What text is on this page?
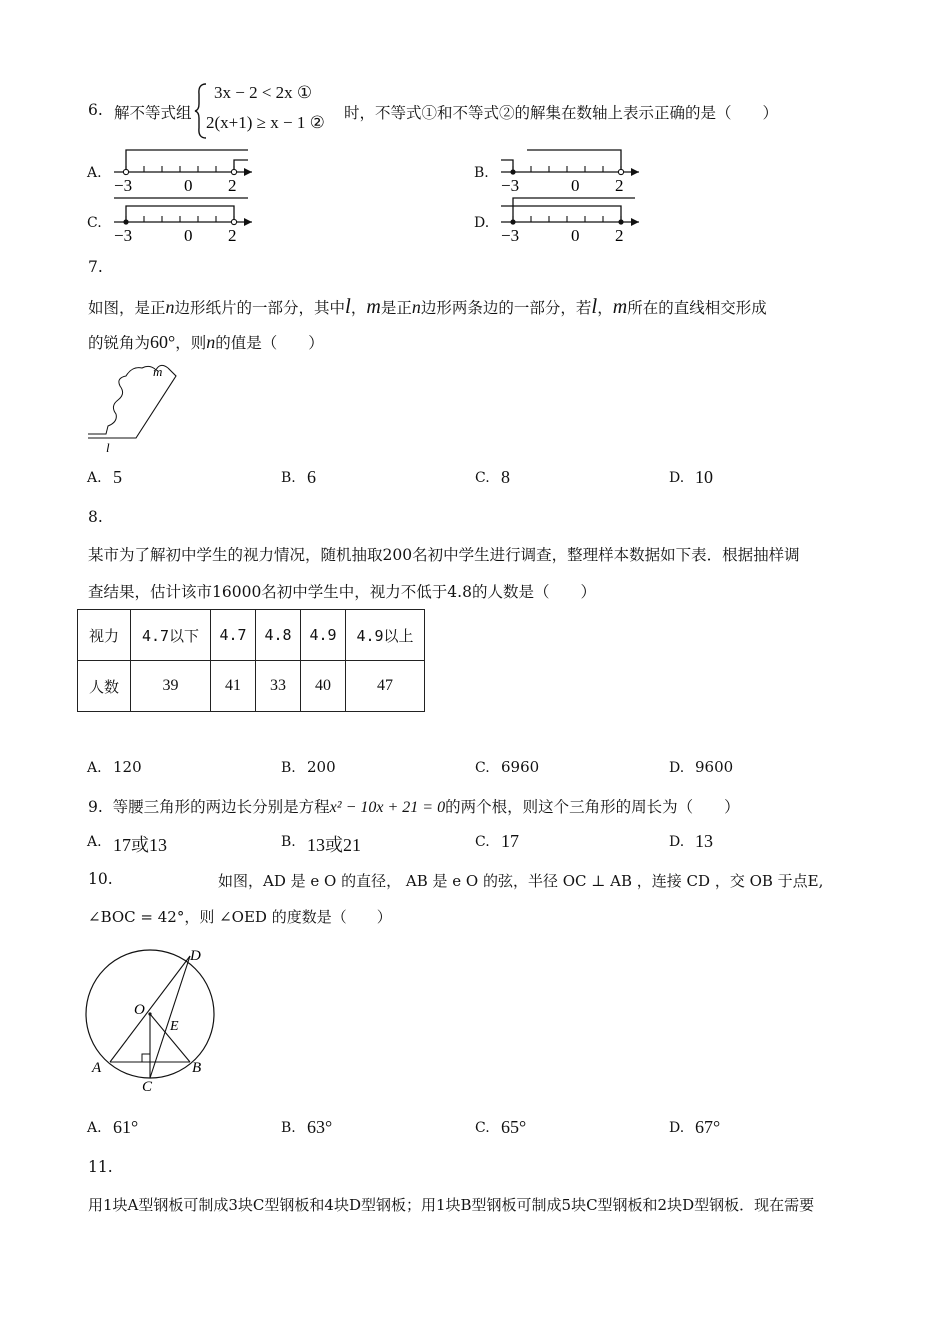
6. 解不等式组
3x − 2 < 2x ①
2(x+1) ≥ x − 1 ② 时，不等式①和不等式②的解集在数轴上表示正确的是（　　）
A.	B.
C.	D.
−3	0 2	−3	0 2
−3	0 2	−3	0 2
7.
如图，是正n边形纸片的一部分，其中l，m是正n边形两条边的一部分，若l，m所在的直线相交形成
的锐角为60°，则n的值是（　　）
m
l
A. 5	B. 6	C. 8	D. 10
8.
某市为了解初中学生的视力情况，随机抽取200名初中学生进行调查，整理样本数据如下表．根据抽样调
查结果，估计该市16000名初中学生中，视力不低于4.8的人数是（　　）
视力	4.7以下	4.7	4.8	4.9	4.9以上
人数	39	41	33	40	47
A. 120	B. 200	C. 6960	D. 9600
9. 等腰三角形的两边长分别是方程x² − 10x + 21 = 0的两个根，则这个三角形的周长为（　　）
A. 17或13	B. 13或21	C. 17	D. 13
10.	如图，AD 是 e O 的直径， AB 是 e O 的弦，半径 OC ⊥ AB ，连接 CD ，交 OB 于点E,
∠BOC = 42°，则 ∠OED 的度数是（　　）
D
O
E
A
C
B
A. 61°	B. 63°	C. 65°	D. 67°
11.
用1块A型钢板可制成3块C型钢板和4块D型钢板；用1块B型钢板可制成5块C型钢板和2块D型钢板．现在需要
